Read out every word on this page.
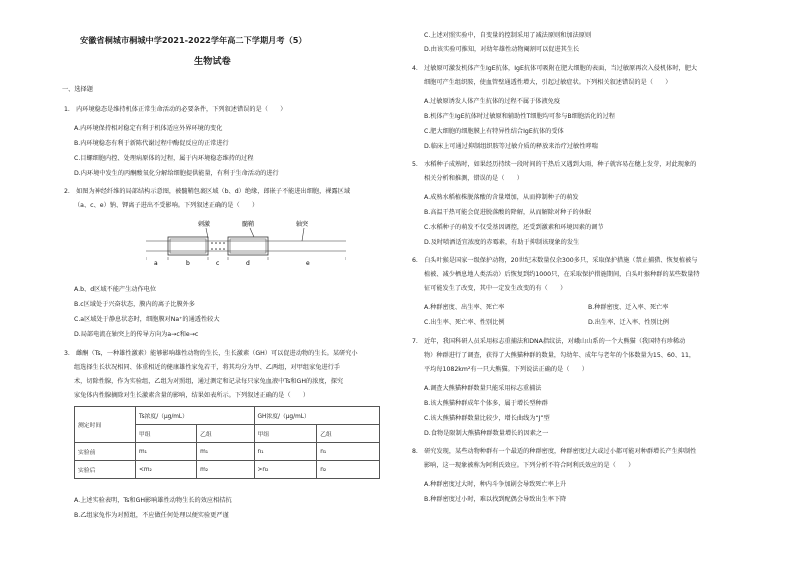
安徽省桐城市桐城中学2021-2022学年高二下学期月考（5）
生物试卷
一、选择题
1.　内环境稳态是维持机体正常生命活动的必要条件，下列叙述错误的是（　　）
A.内环境保持相对稳定有利于机体适应外界环境的变化
B.内环境稳态有利于新陈代谢过程中酶促反应的正常进行
C.目螺细胞内控、处理病原体的过程，属于内环境稳态维持的过程
D.内环境中发生的丙酮酸氧化分解给细胞提供能量，有利于生命活动的进行
2.　如图为神经纤维的局部结构示意图，被髓鞘包裹区域（b、d）绝缘，郎嵌子不能进出细胞，裸露区域
（a、c、e）钠、钾离子进出不受影响。下列叙述正确的是（　　）
刺激	髓鞘	轴突
a	b	c	d	e
A.b、d区域不能产生动作电位
B.c区域处于兴奋状态，膜内的离子比膜外多
C.a区域处于静息状态时，细胞膜对Na⁺的通透性较大
D.局部电流在轴突上的传导方向为a→c和e→c
3.　雌酮（Ts，一种雄性激素）能够影响雄性动物的生长，生长激素（GH）可以促进动物的生长。某研究小
组选择生长状况相同、体重相近的健康雄性家兔若干，将其均分为甲、乙两组，对甲组家兔进行手
术，切除性腺，作为实验组，乙组为对照组，通过测定和记录每只家兔血液中Ts和GH的浓度，探究
家兔体内性腺摘除对生长激素含量的影响，结果如表所示。下列叙述正确的是（　　）
测定时间	Ts浓度/（μg/mL）		GH浓度/（μg/mL）	
	甲组	乙组	甲组	乙组
实验前	m₁	m₁	n₁	n₁
实验后	<m₂	m₂	>n₂	n₂
A.上述实验表明，Ts和GH影响雄性动物生长的效应相拮抗
B.乙组家兔作为对照组，不应做任何处理以便实验更严谨
C.上述对照实验中，自变量的控制采用了减法原则和加法原则
D.由该实验可推知，对幼年雄性动物阉割可以促进其生长
4.　过敏原可激发机体产生IgE抗体，IgE抗体可吸附在肥大细胞的表面，当过敏原再次入侵机体时，肥大
细胞可产生组织胺，使血管壁通透性增大，引起过敏症状。下列相关叙述错误的是（　　）
A.过敏原诱发人体产生抗体的过程不属于体液免疫
B.机体产生IgE抗体时过敏原和辅助性T细胞均可参与B细胞活化的过程
C.肥大细胞的细胞膜上有特异性结合IgE抗体的受体
D.临床上可通过抑制组织胺等过敏介质的释放来治疗过敏性哮喘
5.　水稻种子成熟时，如果经历持续一段时间的干热后又遇到大雨，种子就容易在穗上发芽，对此现象的
相关分析和推测，错误的是（　　）
A.成熟水稻植株脱落酸的含量增加，从而抑制种子的萌发
B.高温干热可能会促进脱落酸的降解，从而解除对种子的休眠
C.水稻种子的萌发不仅受基因调控，还受到激素和环境因素的调节
D.及时喷洒适宜浓度的赤霉素，有助于抑制该现象的发生
6.　白头叶猴是国家一级保护动物，20世纪末数量仅余300多只，采取保护措施（禁止捕猎、恢复植被与
植被、减少栖息地人类活动）后恢复到约1000只，在采取保护措施期间，白头叶猴种群的某些数量特
征可能发生了改变，其中一定发生改变的有（　　）
A.种群密度、出生率、死亡率	B.种群密度、迁入率、死亡率
C.出生率、死亡率、性别比例	D.出生率、迁入率、性别比例
7.　近年，我国科研人员采用标志重捕法和DNA指纹法，对峨山山系的一个大熊猫（我国特有珍稀动
物）种群进行了调查，获得了大熊猫种群的数量，勾幼年、成年与老年的个体数量为15、60、11，
平均每1082km²有一只大熊猫。下列说法正确的是（　　）
A.调查大熊猫种群数量只能采用标志重捕法
B.该大熊猫种群成年个体多，属于增长型种群
C.该大熊猫种群数量比较少，增长曲线为“J”型
D.食物是限制大熊猫种群数量增长的因素之一
8.　研究发现，某些动物种群有一个最适的种群密度，种群密度过大或过小都可能对种群增长产生抑制性
影响，这一现象被称为阿利氏效应。下列分析不符合阿利氏效应的是（　　）
A.种群密度过大时，种内斗争加剧会导致死亡率上升
B.种群密度过小时，难以找到配偶会导致出生率下降
